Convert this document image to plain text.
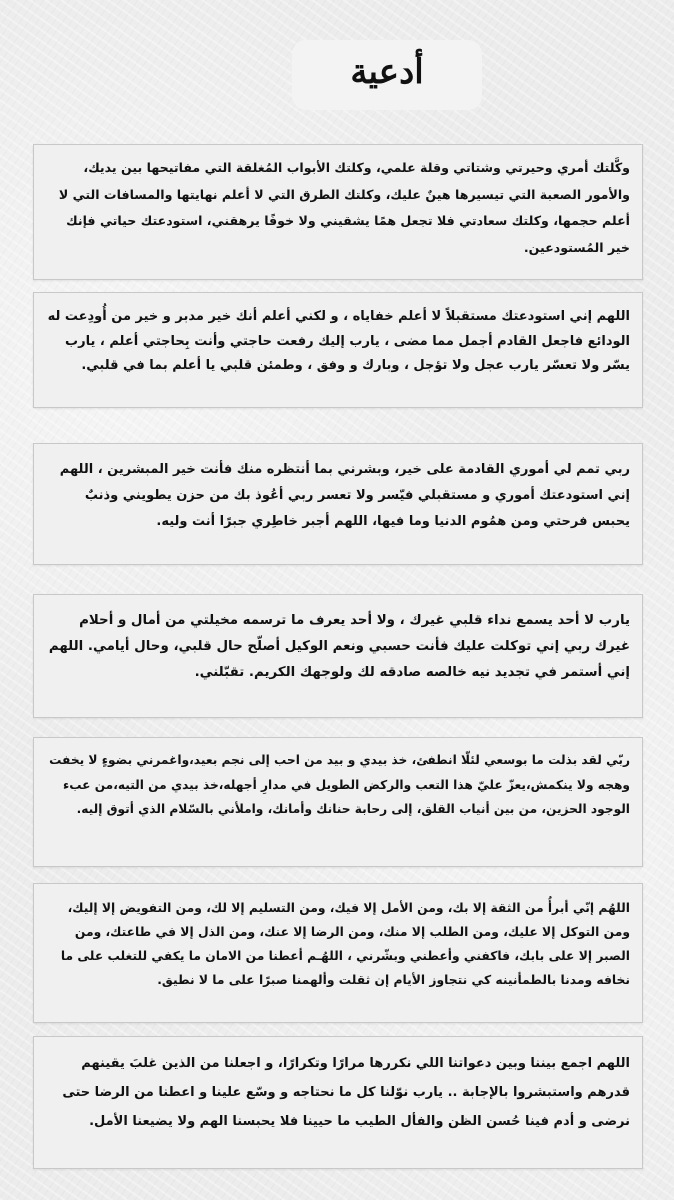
أدعية

وكَّلتك أمري وحيرتي وشتاتي وقلة علمي، وكلتك الأبواب المُغلقة التي مفاتيحها بين يديك، والأمور الصعبة التي تيسيرها هينٌ عليك، وكلتك الطرق التي لا أعلم نهايتها والمسافات التي لا أعلم حجمها، وكلتك سعادتي فلا تجعل همًا يشقيني ولا خوفًا يرهقني، استودعتك حياتي فإنك خير المُستودعين.

اللهم إني استودعتك مستقبلاً لا أعلم خفاياه ، و لكني أعلم أنك خير مدبر و خير من أُودِعت له الودائع فاجعل القادم أجمل مما مضى ، يارب إليك رفعت حاجتي وأنت بِحاجتي أعلم ، يارب يسّر ولا تعسّر يارب عجل ولا تؤجل ، وبارك و وفق ، وطمئن قلبي يا أعلم بما في قلبي.

ربي تمم لي أموري القادمة على خير، وبشرني بما أنتظره منك فأنت خير المبشرين ، اللهم إني استودعتك أموري و مستقبلي فيّسر ولا تعسر ربي أعُوذ بك من حزن يطويني وذنبٌ يحبس فرحتي ومن همُوم الدنيا وما فيها، اللهم أجبر خاطِري جبرًا أنت وليه.

يارب لا أحد يسمع نداء قلبي غيرك ، ولا أحد يعرف ما ترسمه مخيلتي من أمال و أحلام غيرك ربي إني توكلت عليك فأنت حسبي ونعم الوكيل أصلّح حال قلبي، وحال أيامي. اللهم إني أستمر في تجديد نيه خالصه صادقه لك ولوجهك الكريم. تقبّلني.

ربّي لقد بذلت ما بوسعي لئلّا انطفئ، خذ بيدي و بيد من احب إلى نجم بعيد،واغمرني بضوءٍ لا يخفت وهجه ولا ينكمش،يعزّ عليّ هذا التعب والركض الطويل في مدارِ أجهله،خذ بيدي من التيه،من عبء الوجود الحزين، من بين أنياب القلق، إلى رحابة حنانك وأمانك، واملأني بالسّلام الذي أتوق إليه.

اللهُم إنّي أبرأُ من الثقة إلا بك، ومن الأمل إلا فيك، ومن التسليم إلا لك، ومن التفويض إلا إليك، ومن التوكل إلا عليك، ومن الطلب إلا منك، ومن الرضا إلا عنك، ومن الذل إلا في طاعتك، ومن الصبر إلا على بابك، فاكفني وأعطني وبشّرني ، اللهُـم أعطنا من الامان ما يكفي للتغلب على ما نخافه ومدنا بالطمأنينه كي نتجاوز الأيام إن ثقلت وألهمنا صبرًا على ما لا نطيق.

اللهم اجمع بيننا وبين دعواتنا اللي نكررها مرارًا وتكرارًا، و اجعلنا من الذين غلبَ يقينهم قدرهم واستبشروا بالإجابة .. يارب نوّلنا كل ما نحتاجه و وسّع علينا و اعطنا من الرضا حتى نرضى و أدم فينا حُسن الظن والفأل الطيب ما حيينا فلا يحبسنا الهم ولا يضيعنا الأمل.
